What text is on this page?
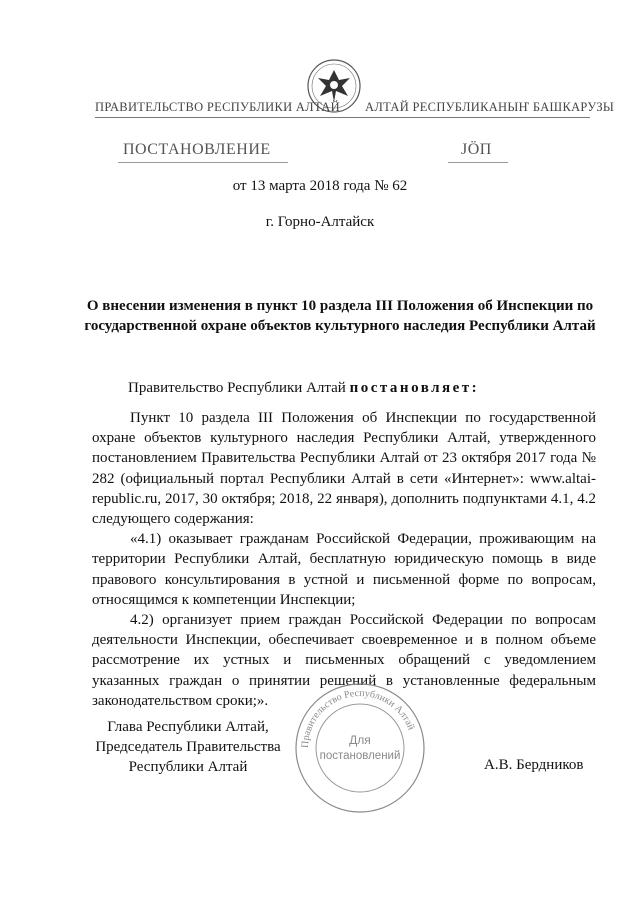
ПРАВИТЕЛЬСТВО РЕСПУБЛИКИ АЛТАЙ АЛТАЙ РЕСПУБЛИКАНЫҤ БАШКАРУЗЫ
ПОСТАНОВЛЕНИЕ	JÖП
от 13 марта 2018 года № 62
г. Горно-Алтайск
О внесении изменения в пункт 10 раздела III Положения об Инспекции по государственной охране объектов культурного наследия Республики Алтай
Правительство Республики Алтай постановляет:

Пункт 10 раздела III Положения об Инспекции по государственной охране объектов культурного наследия Республики Алтай, утвержденного постановлением Правительства Республики Алтай от 23 октября 2017 года № 282 (официальный портал Республики Алтай в сети «Интернет»: www.altai-republic.ru, 2017, 30 октября; 2018, 22 января), дополнить подпунктами 4.1, 4.2 следующего содержания:

«4.1) оказывает гражданам Российской Федерации, проживающим на территории Республики Алтай, бесплатную юридическую помощь в виде правового консультирования в устной и письменной форме по вопросам, относящимся к компетенции Инспекции;

4.2) организует прием граждан Российской Федерации по вопросам деятельности Инспекции, обеспечивает своевременное и в полном объеме рассмотрение их устных и письменных обращений с уведомлением указанных граждан о принятии решений в установленные федеральным законодательством сроки;».

Глава Республики Алтай,
Председатель Правительства
Республики Алтай	А.В. Бердников
Правительство Республики Алтай
Для
постановлений
